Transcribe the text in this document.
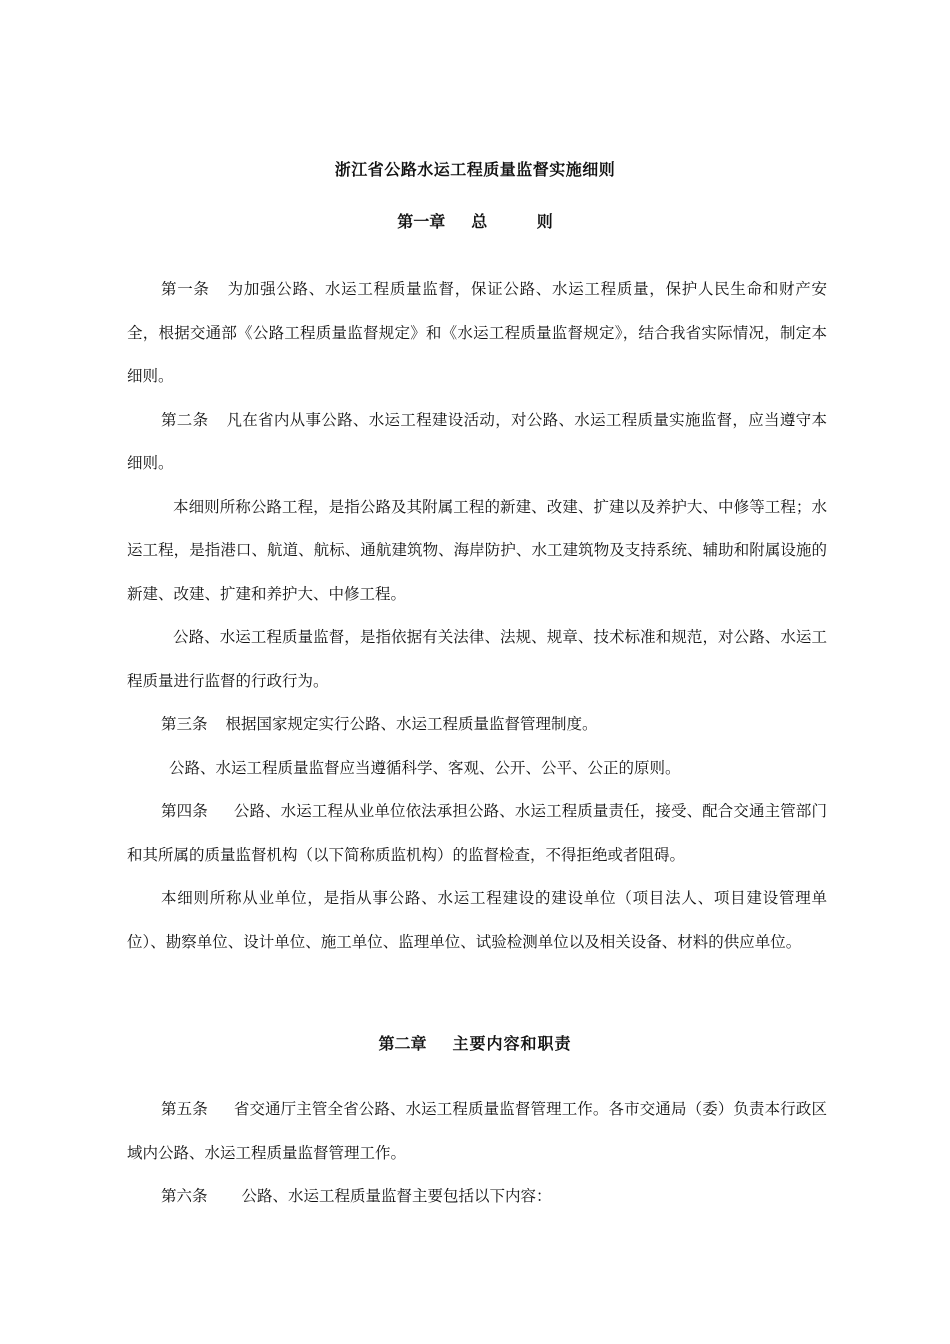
浙江省公路水运工程质量监督实施细则
第一章 总 则

第一条 为加强公路、水运工程质量监督，保证公路、水运工程质量，保护人民生命和财产安全，根据交通部《公路工程质量监督规定》和《水运工程质量监督规定》，结合我省实际情况，制定本细则。

第二条 凡在省内从事公路、水运工程建设活动，对公路、水运工程质量实施监督，应当遵守本细则。

本细则所称公路工程，是指公路及其附属工程的新建、改建、扩建以及养护大、中修等工程；水运工程，是指港口、航道、航标、通航建筑物、海岸防护、水工建筑物及支持系统、辅助和附属设施的新建、改建、扩建和养护大、中修工程。

公路、水运工程质量监督，是指依据有关法律、法规、规章、技术标准和规范，对公路、水运工程质量进行监督的行政行为。

第三条 根据国家规定实行公路、水运工程质量监督管理制度。

公路、水运工程质量监督应当遵循科学、客观、公开、公平、公正的原则。

第四条 公路、水运工程从业单位依法承担公路、水运工程质量责任，接受、配合交通主管部门和其所属的质量监督机构（以下简称质监机构）的监督检查，不得拒绝或者阻碍。

本细则所称从业单位，是指从事公路、水运工程建设的建设单位（项目法人、项目建设管理单位）、勘察单位、设计单位、施工单位、监理单位、试验检测单位以及相关设备、材料的供应单位。

第二章 主要内容和职责

第五条 省交通厅主管全省公路、水运工程质量监督管理工作。各市交通局（委）负责本行政区域内公路、水运工程质量监督管理工作。

第六条 公路、水运工程质量监督主要包括以下内容：
